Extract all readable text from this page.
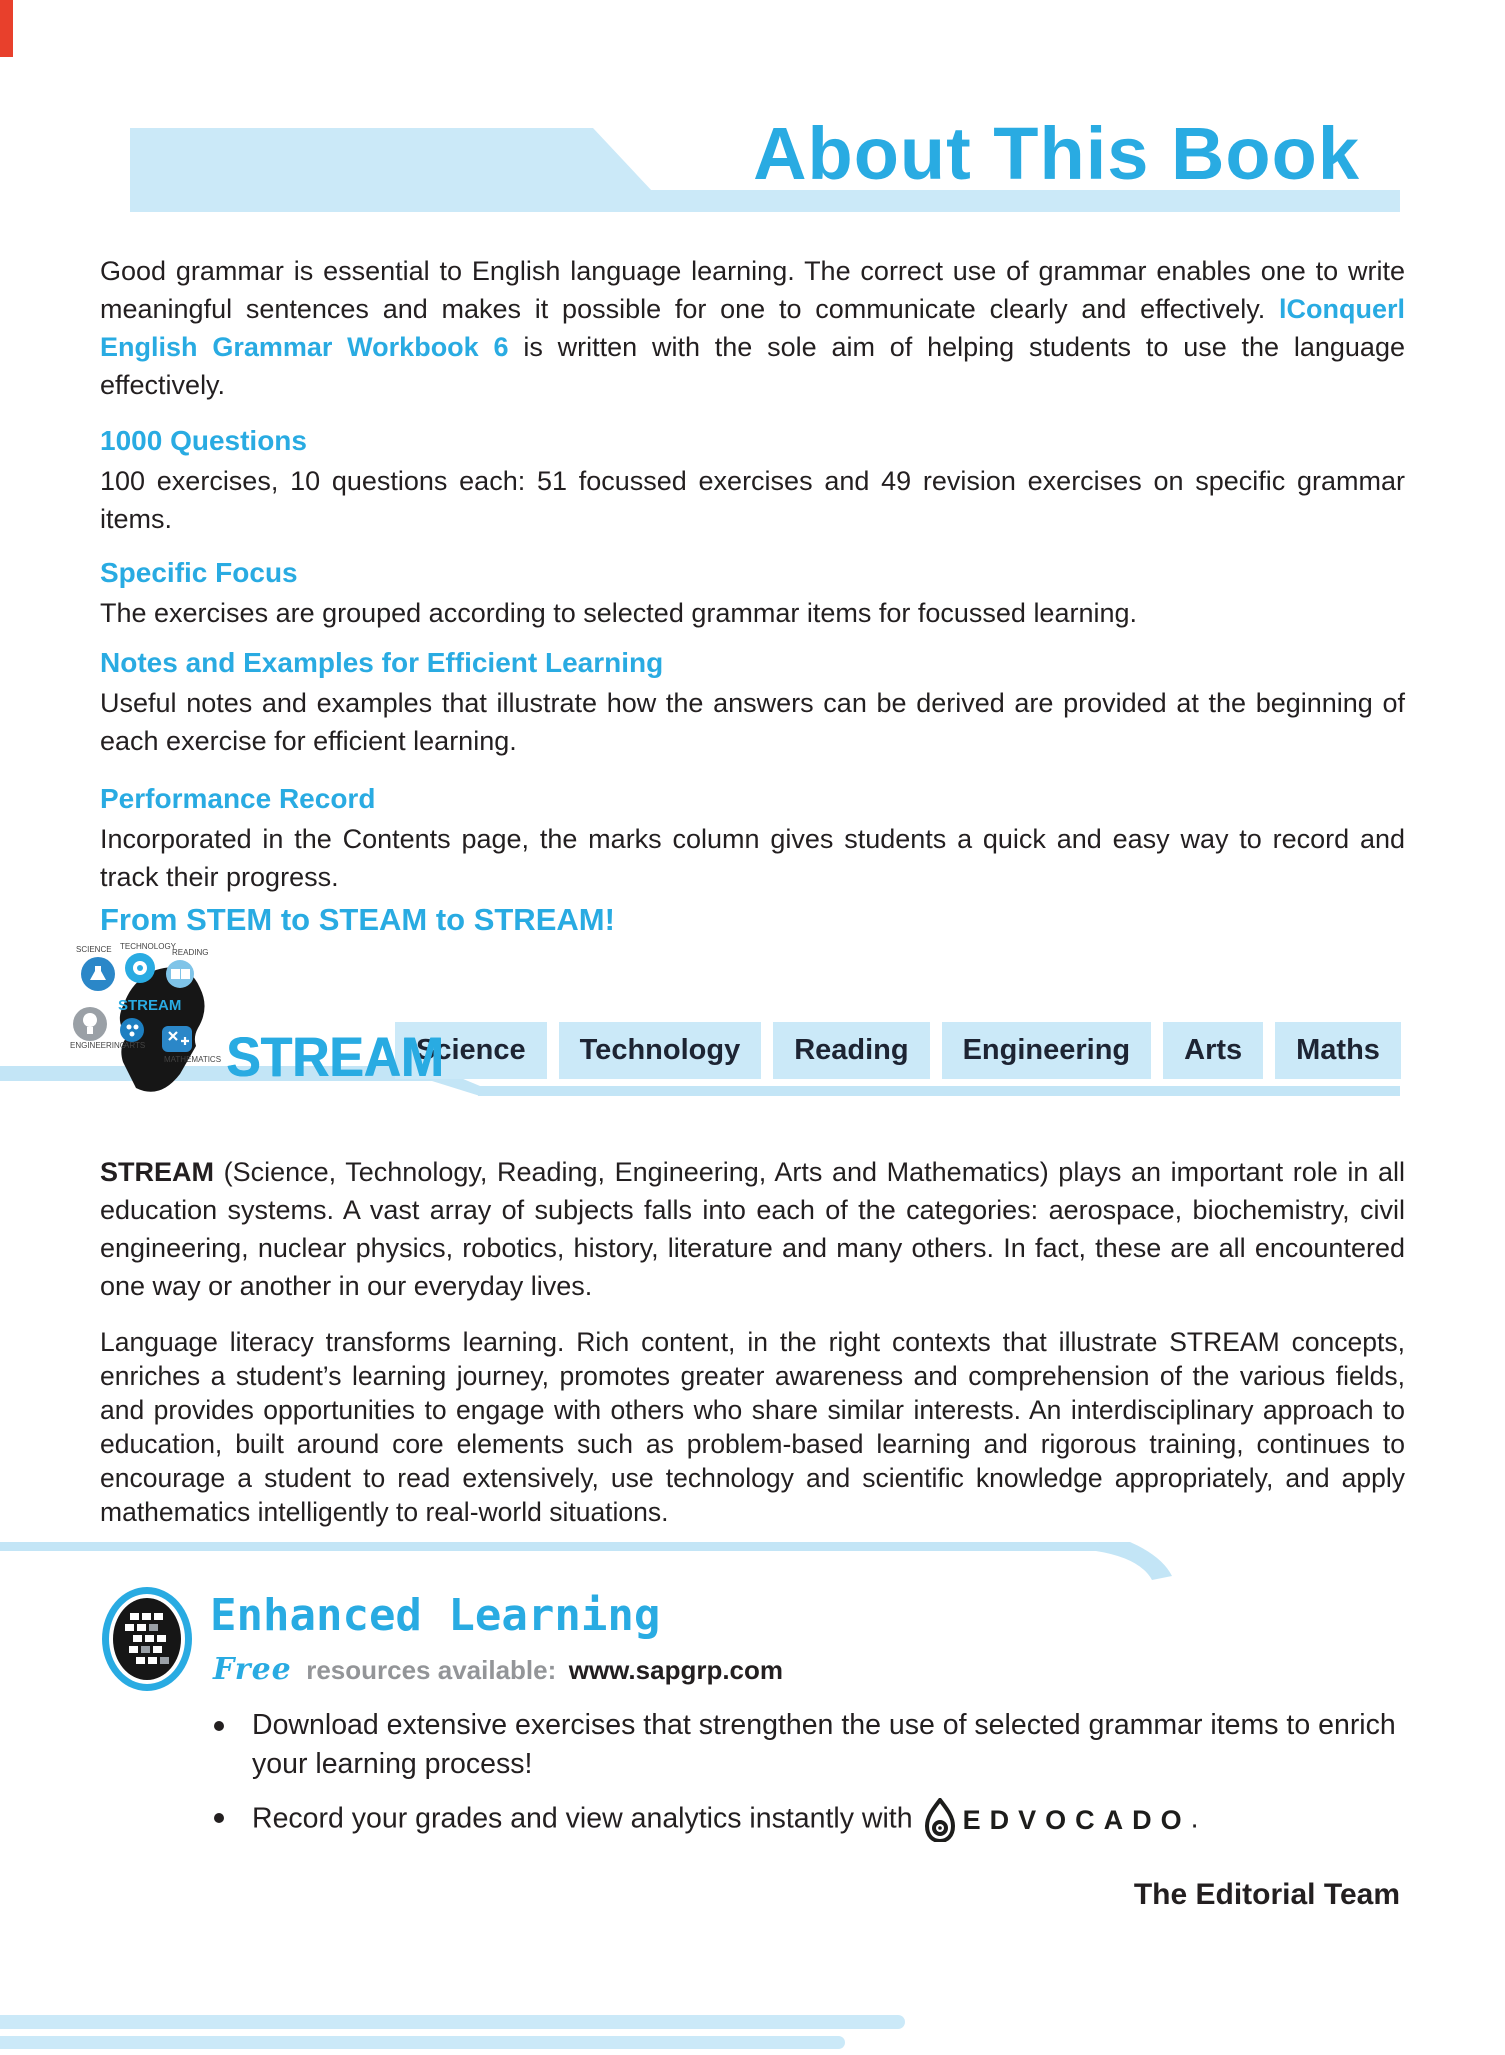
About This Book

Good grammar is essential to English language learning. The correct use of grammar enables one to write meaningful sentences and makes it possible for one to communicate clearly and effectively. lConquerl English Grammar Workbook 6 is written with the sole aim of helping students to use the language effectively.

1000 Questions

100 exercises, 10 questions each: 51 focussed exercises and 49 revision exercises on specific grammar items.

Specific Focus

The exercises are grouped according to selected grammar items for focussed learning.

Notes and Examples for Efficient Learning

Useful notes and examples that illustrate how the answers can be derived are provided at the beginning of each exercise for efficient learning.

Performance Record

Incorporated in the Contents page, the marks column gives students a quick and easy way to record and track their progress.

From STEM to STEAM to STREAM!
STREAM
SCIENCE TECHNOLOGY
READING
ENGINEERING
ARTS
MATHEMATICS STREAM
Science	Technology	Reading	Engineering	Arts	Maths

STREAM (Science, Technology, Reading, Engineering, Arts and Mathematics) plays an important role in all education systems. A vast array of subjects falls into each of the categories: aerospace, biochemistry, civil engineering, nuclear physics, robotics, history, literature and many others. In fact, these are all encountered one way or another in our everyday lives.

Language literacy transforms learning. Rich content, in the right contexts that illustrate STREAM concepts, enriches a student’s learning journey, promotes greater awareness and comprehension of the various fields, and provides opportunities to engage with others who share similar interests. An interdisciplinary approach to education, built around core elements such as problem-based learning and rigorous training, continues to encourage a student to read extensively, use technology and scientific knowledge appropriately, and apply mathematics intelligently to real-world situations.

Enhanced Learning
Free resources available: www.sapgrp.com
Download extensive exercises that strengthen the use of selected grammar items to enrich your learning process!
Record your grades and view analytics instantly with EDVOCADO .
The Editorial Team
